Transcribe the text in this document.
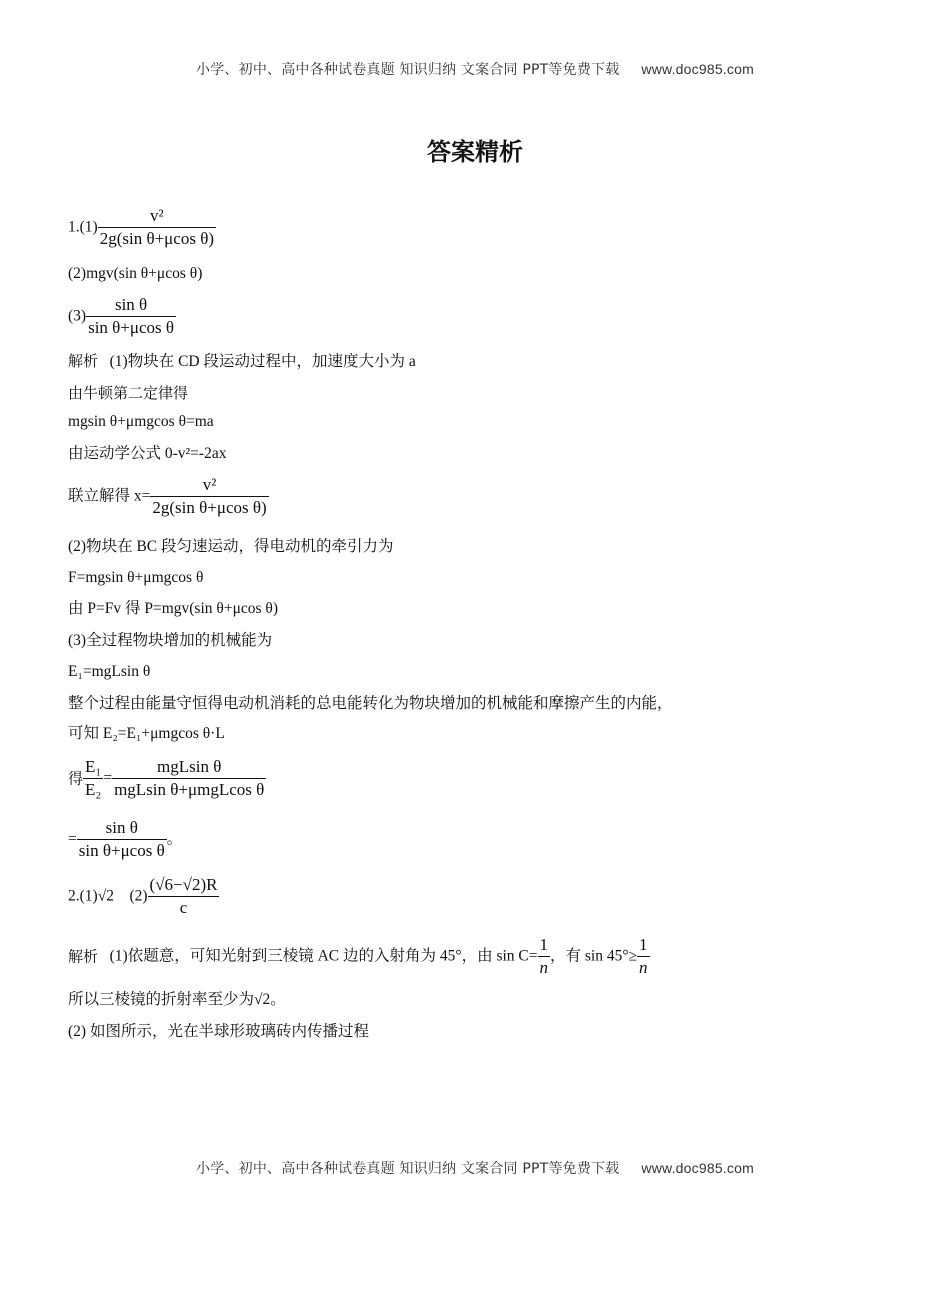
小学、初中、高中各种试卷真题 知识归纳 文案合同 PPT等免费下载 www.doc985.com
答案精析
$1.(1) \frac{\text{v²}}{\text{2g(sin θ+μcos θ)}}$
(2)mgv(sin θ+μcos θ)
$(3) \frac{\text{sin θ}}{\text{sin θ+μcos θ}}$
解析 (1)物块在 CD 段运动过程中，加速度大小为 a
由牛顿第二定律得
mgsin θ+μmgcos θ=ma
由运动学公式 0-v²=-2ax
联立解得 $x= \frac{\text{v²}}{\text{2g(sin θ+μcos θ)}}$
(2)物块在 BC 段匀速运动，得电动机的牵引力为
F=mgsin θ+μmgcos θ
由 P=Fv 得 P=mgv(sin θ+μcos θ)
(3)全过程物块增加的机械能为
E₁=mgLsin θ
整个过程由能量守恒得电动机消耗的总电能转化为物块增加的机械能和摩擦产生的内能，
可知 E₂=E₁+μmgcos θ·L
得 $\frac{\text{E₁}}{\text{E₂}} = \frac{\text{mgLsin θ}}{\text{mgLsin θ+μmgLcos θ}}$
= $\frac{\text{sin θ}}{\text{sin θ+μcos θ}}$ 。
2.(1)√2 $(2) \frac{(√6-√2)R}{c}$
解析 (1)依题意，可知光射到三棱镜 AC 边的入射角为 45°，由 $\sin C= \frac{1}{n}$ ，有 $\sin 45^\circ\ge \frac{1}{n}$
所以三棱镜的折射率至少为√2。
(2) 如图所示，光在半球形玻璃砖内传播过程
小学、初中、高中各种试卷真题 知识归纳 文案合同 PPT等免费下载 www.doc985.com
